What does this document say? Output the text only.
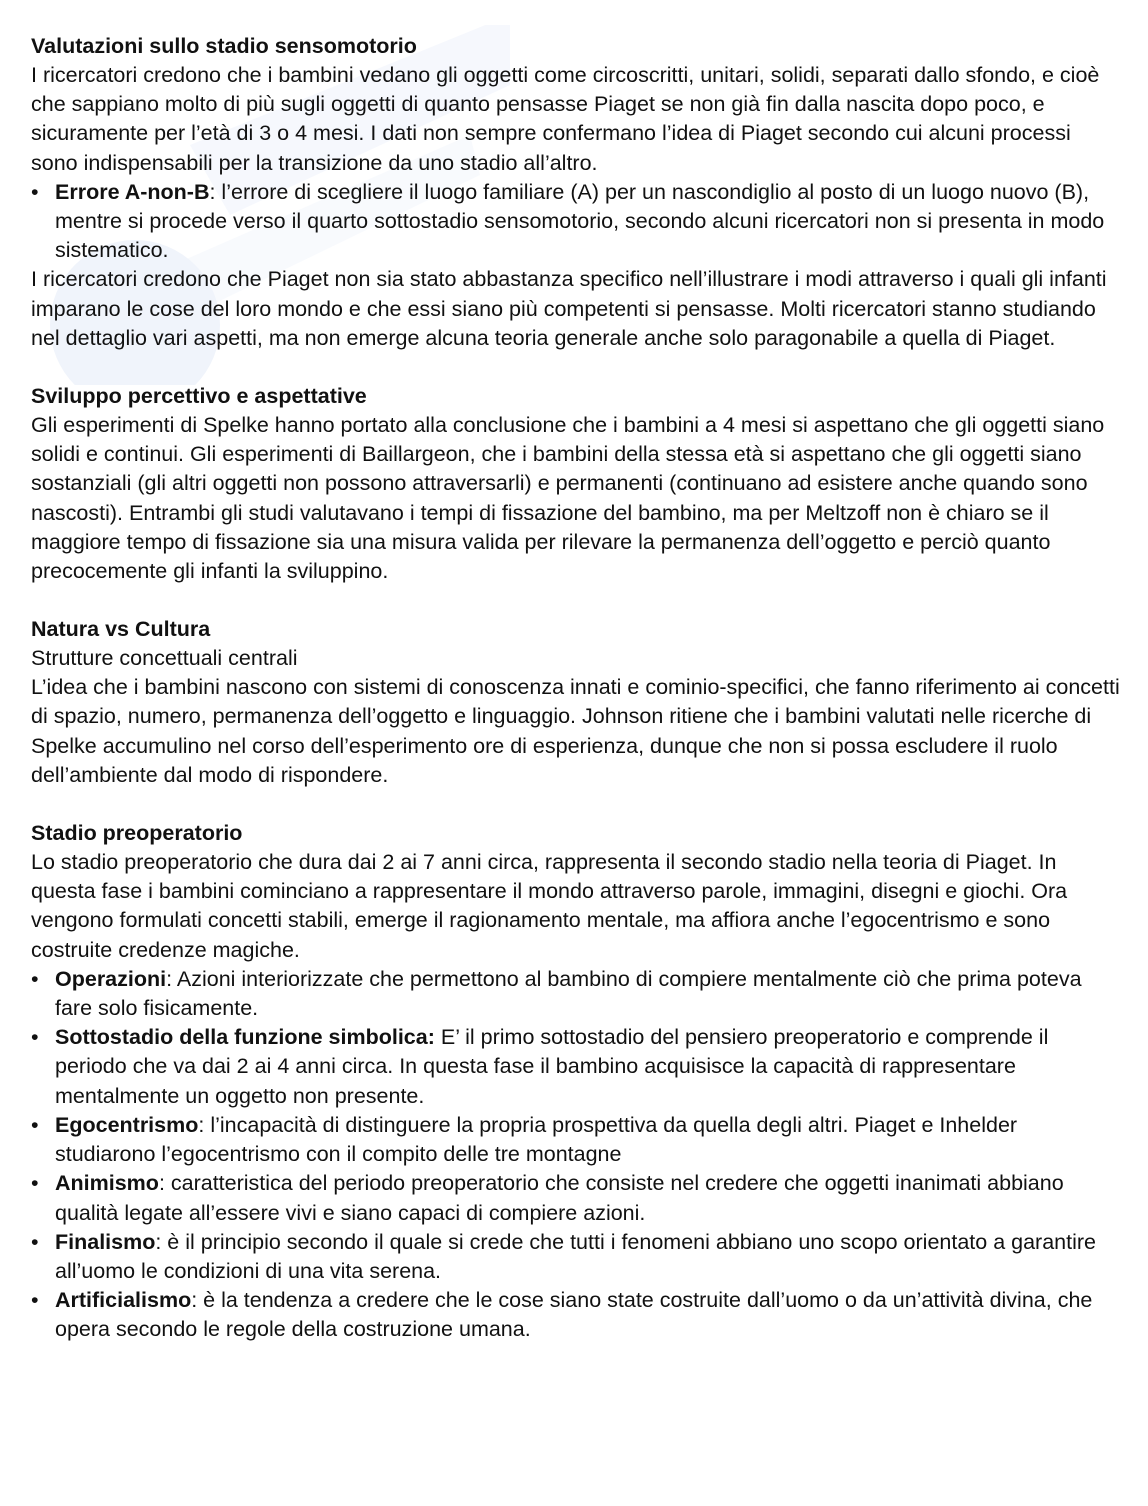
Valutazioni sullo stadio sensomotorio

I ricercatori credono che i bambini vedano gli oggetti come circoscritti, unitari, solidi, separati dallo sfondo, e cioè che sappiano molto di più sugli oggetti di quanto pensasse Piaget se non già fin dalla nascita dopo poco, e sicuramente per l’età di 3 o 4 mesi. I dati non sempre confermano l’idea di Piaget secondo cui alcuni processi sono indispensabili per la transizione da uno stadio all’altro.

• Errore A-non-B: l’errore di scegliere il luogo familiare (A) per un nascondiglio al posto di un luogo nuovo (B), mentre si procede verso il quarto sottostadio sensomotorio, secondo alcuni ricercatori non si presenta in modo sistematico.

I ricercatori credono che Piaget non sia stato abbastanza specifico nell’illustrare i modi attraverso i quali gli infanti imparano le cose del loro mondo e che essi siano più competenti si pensasse. Molti ricercatori stanno studiando nel dettaglio vari aspetti, ma non emerge alcuna teoria generale anche solo paragonabile a quella di Piaget.

Sviluppo percettivo e aspettative

Gli esperimenti di Spelke hanno portato alla conclusione che i bambini a 4 mesi si aspettano che gli oggetti siano solidi e continui. Gli esperimenti di Baillargeon, che i bambini della stessa età si aspettano che gli oggetti siano sostanziali (gli altri oggetti non possono attraversarli) e permanenti (continuano ad esistere anche quando sono nascosti). Entrambi gli studi valutavano i tempi di fissazione del bambino, ma per Meltzoff non è chiaro se il maggiore tempo di fissazione sia una misura valida per rilevare la permanenza dell’oggetto e perciò quanto precocemente gli infanti la sviluppino.

Natura vs Cultura
Strutture concettuali centrali

L’idea che i bambini nascono con sistemi di conoscenza innati e cominio-specifici, che fanno riferimento ai concetti di spazio, numero, permanenza dell’oggetto e linguaggio. Johnson ritiene che i bambini valutati nelle ricerche di Spelke accumulino nel corso dell’esperimento ore di esperienza, dunque che non si possa escludere il ruolo dell’ambiente dal modo di rispondere.

Stadio preoperatorio

Lo stadio preoperatorio che dura dai 2 ai 7 anni circa, rappresenta il secondo stadio nella teoria di Piaget. In questa fase i bambini cominciano a rappresentare il mondo attraverso parole, immagini, disegni e giochi. Ora vengono formulati concetti stabili, emerge il ragionamento mentale, ma affiora anche l’egocentrismo e sono costruite credenze magiche.

• Operazioni: Azioni interiorizzate che permettono al bambino di compiere mentalmente ciò che prima poteva fare solo fisicamente.
• Sottostadio della funzione simbolica: E’ il primo sottostadio del pensiero preoperatorio e comprende il periodo che va dai 2 ai 4 anni circa. In questa fase il bambino acquisisce la capacità di rappresentare mentalmente un oggetto non presente.
• Egocentrismo: l’incapacità di distinguere la propria prospettiva da quella degli altri. Piaget e Inhelder studiarono l’egocentrismo con il compito delle tre montagne
• Animismo: caratteristica del periodo preoperatorio che consiste nel credere che oggetti inanimati abbiano qualità legate all’essere vivi e siano capaci di compiere azioni.
• Finalismo: è il principio secondo il quale si crede che tutti i fenomeni abbiano uno scopo orientato a garantire all’uomo le condizioni di una vita serena.
• Artificialismo: è la tendenza a credere che le cose siano state costruite dall’uomo o da un’attività divina, che opera secondo le regole della costruzione umana.
